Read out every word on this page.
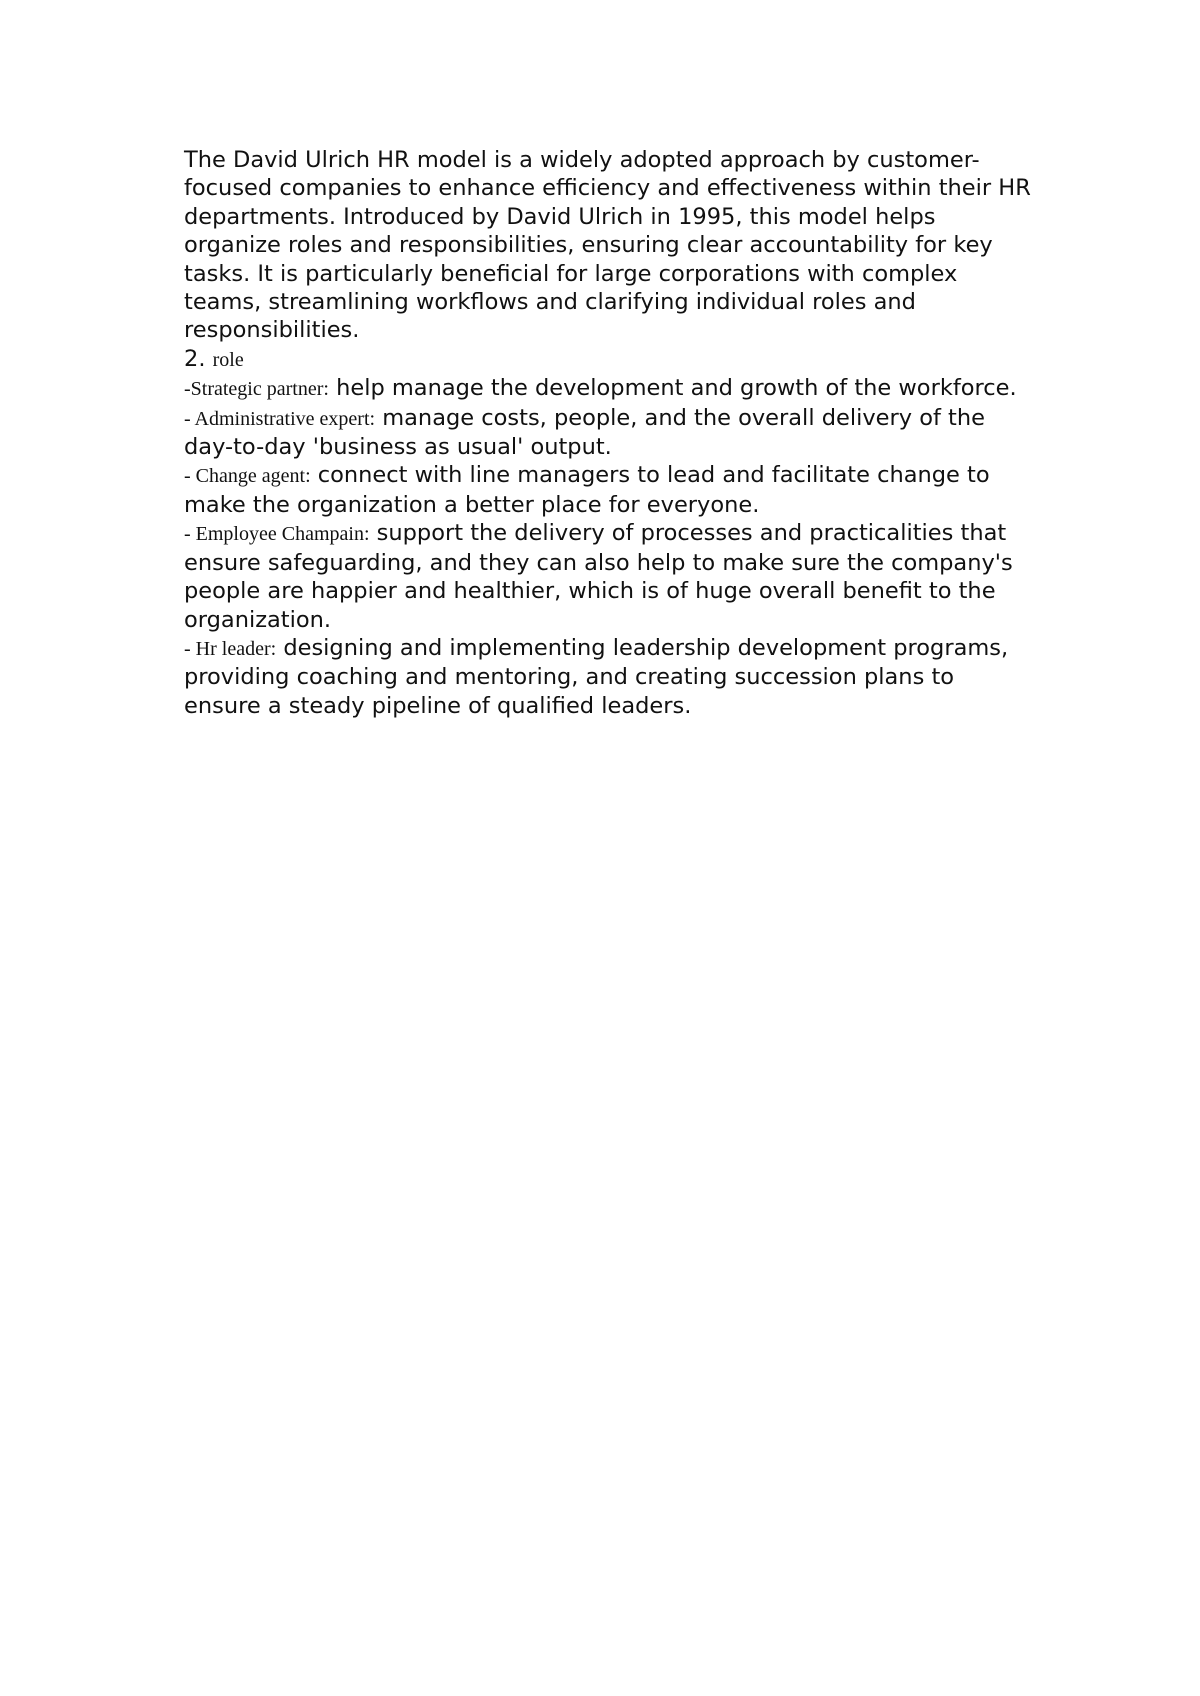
The David Ulrich HR model is a widely adopted approach by customer-focused companies to enhance efficiency and effectiveness within their HR departments. Introduced by David Ulrich in 1995, this model helps organize roles and responsibilities, ensuring clear accountability for key tasks. It is particularly beneficial for large corporations with complex teams, streamlining workflows and clarifying individual roles and responsibilities.

2. role

-Strategic partner: help manage the development and growth of the workforce.

- Administrative expert: manage costs, people, and the overall delivery of the day-to-day 'business as usual' output.

- Change agent: connect with line managers to lead and facilitate change to make the organization a better place for everyone.

- Employee Champain: support the delivery of processes and practicalities that ensure safeguarding, and they can also help to make sure the company's people are happier and healthier, which is of huge overall benefit to the organization.

- Hr leader: designing and implementing leadership development programs, providing coaching and mentoring, and creating succession plans to ensure a steady pipeline of qualified leaders.
